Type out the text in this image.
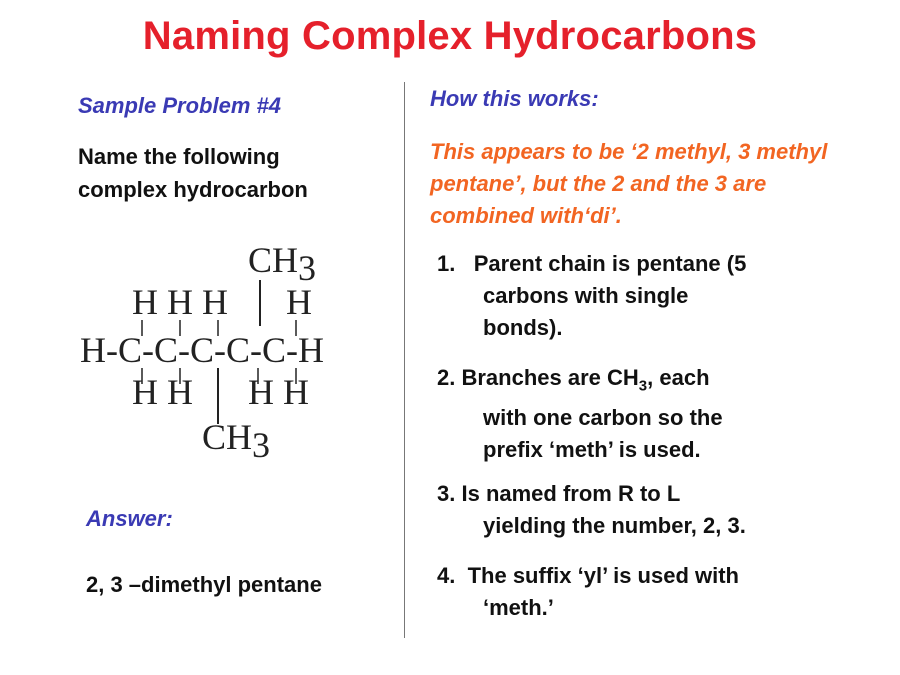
Naming Complex Hydrocarbons
Sample Problem #4
Name the following
complex hydrocarbon
CH3
H H H H
H-C-C-C-C-C-H
H H H H
CH3
Answer:
2, 3 –dimethyl pentane
How this works:
This appears to be ‘2 methyl, 3 methyl pentane’, but the 2 and the 3 are combined with‘di’.
1. Parent chain is pentane (5
carbons with single
bonds).
2. Branches are $CH_3$, each
with one carbon so the
prefix ‘meth’ is used.
3. Is named from R to L
yielding the number, 2, 3.
4. The suffix ‘yl’ is used with
‘meth.’
